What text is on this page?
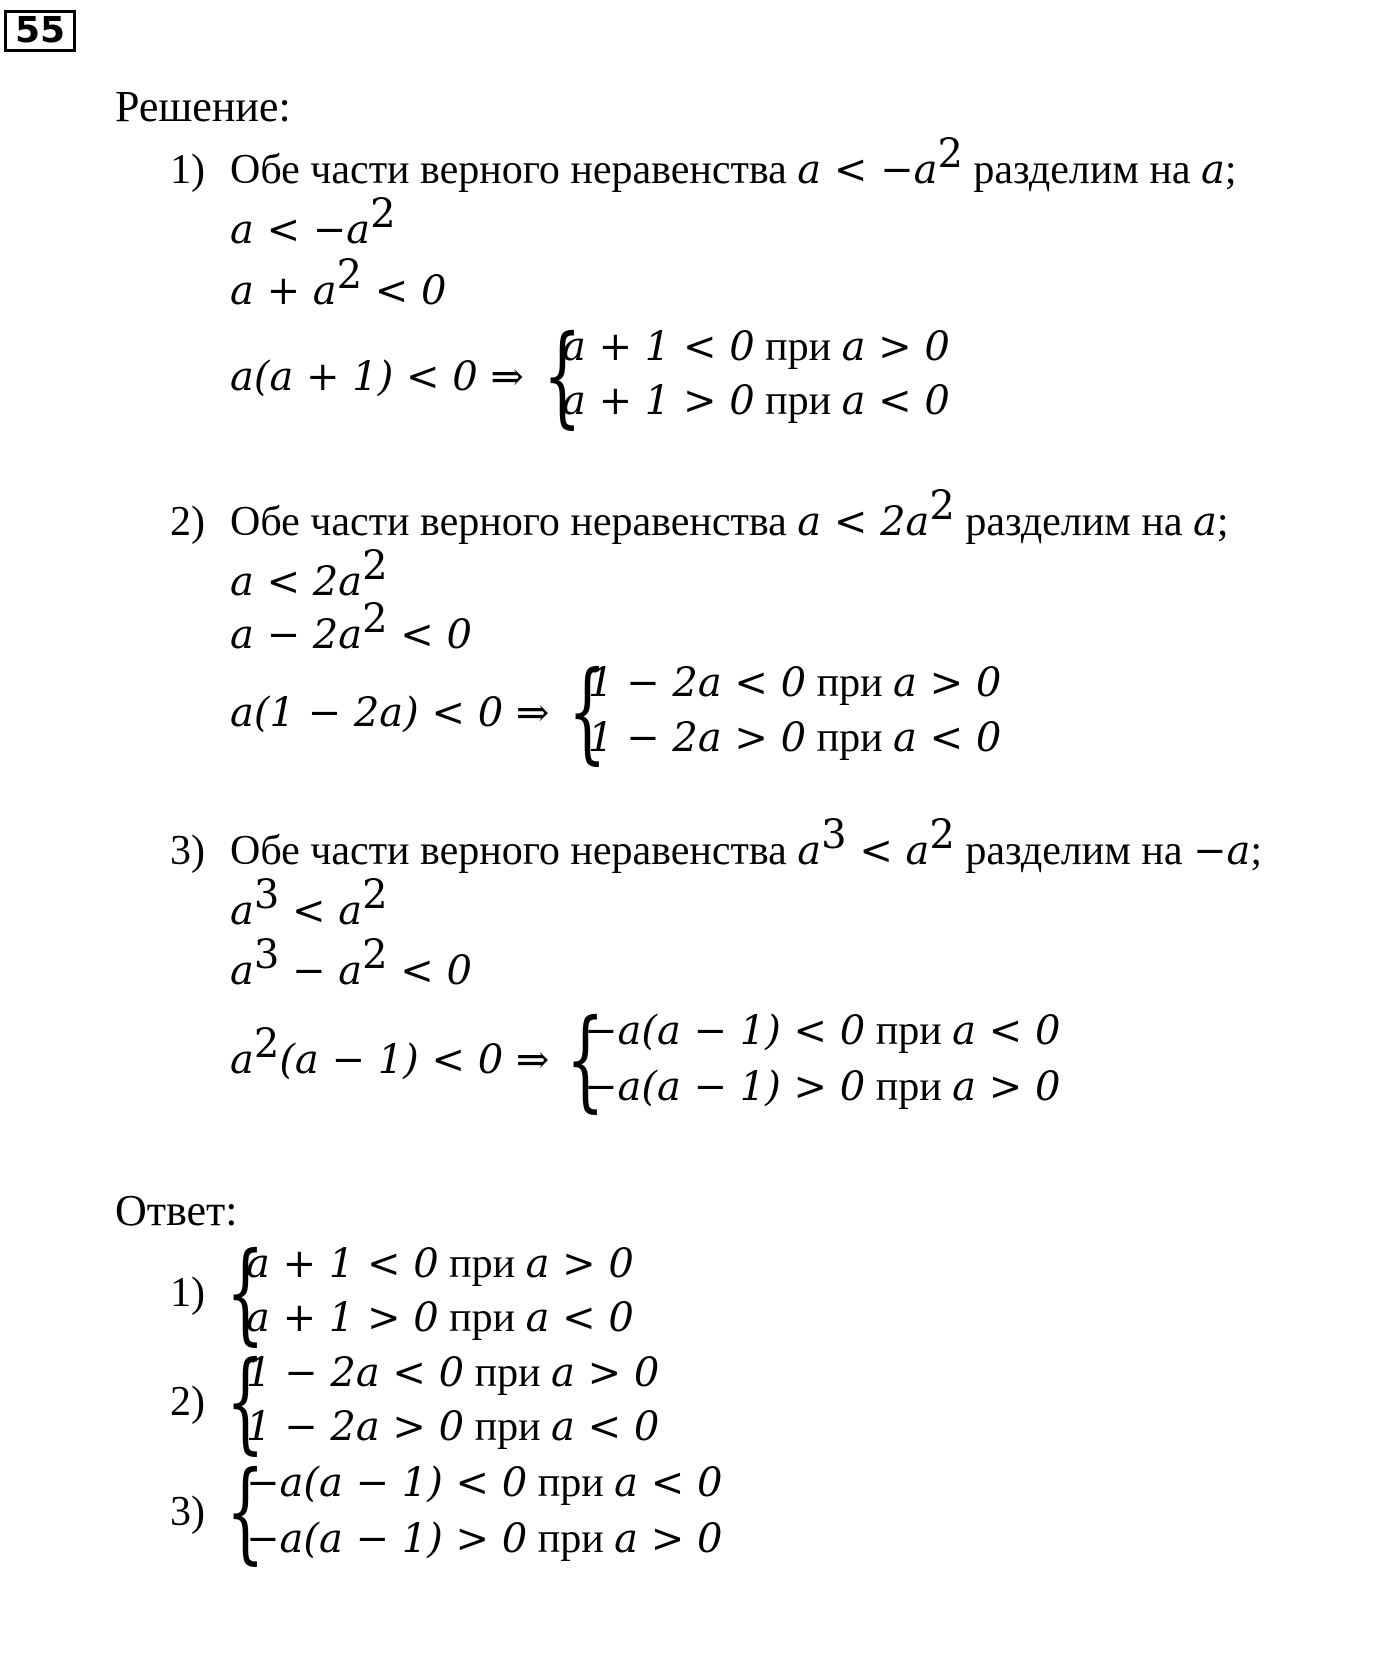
55
Решение:
1) Обе части верного неравенства $a < -a^2$ разделим на a;
$a < -a^2$
$a + a^2 < 0$
a(a + 1) < 0 ⇒ {
a + 1 < 0 при a > 0
a + 1 > 0 при a < 0
2) Обе части верного неравенства $a < 2a^2$ разделим на a;
$a < 2a^2$
$a - 2a^2 < 0$
a(1 − 2a) < 0 ⇒ {
1 − 2a < 0 при a > 0
1 − 2a > 0 при a < 0
3) Обе части верного неравенства $a^3 < a^2$ разделим на −a;
$a^3 < a^2$
$a^3 - a^2 < 0$
$a^2(a - 1) < 0$ ⇒ {
−a(a − 1) < 0 при a < 0
−a(a − 1) > 0 при a > 0
Ответ:
1) {
a + 1 < 0 при a > 0
a + 1 > 0 при a < 0
2) {
1 − 2a < 0 при a > 0
1 − 2a > 0 при a < 0
3) {
−a(a − 1) < 0 при a < 0
−a(a − 1) > 0 при a > 0
